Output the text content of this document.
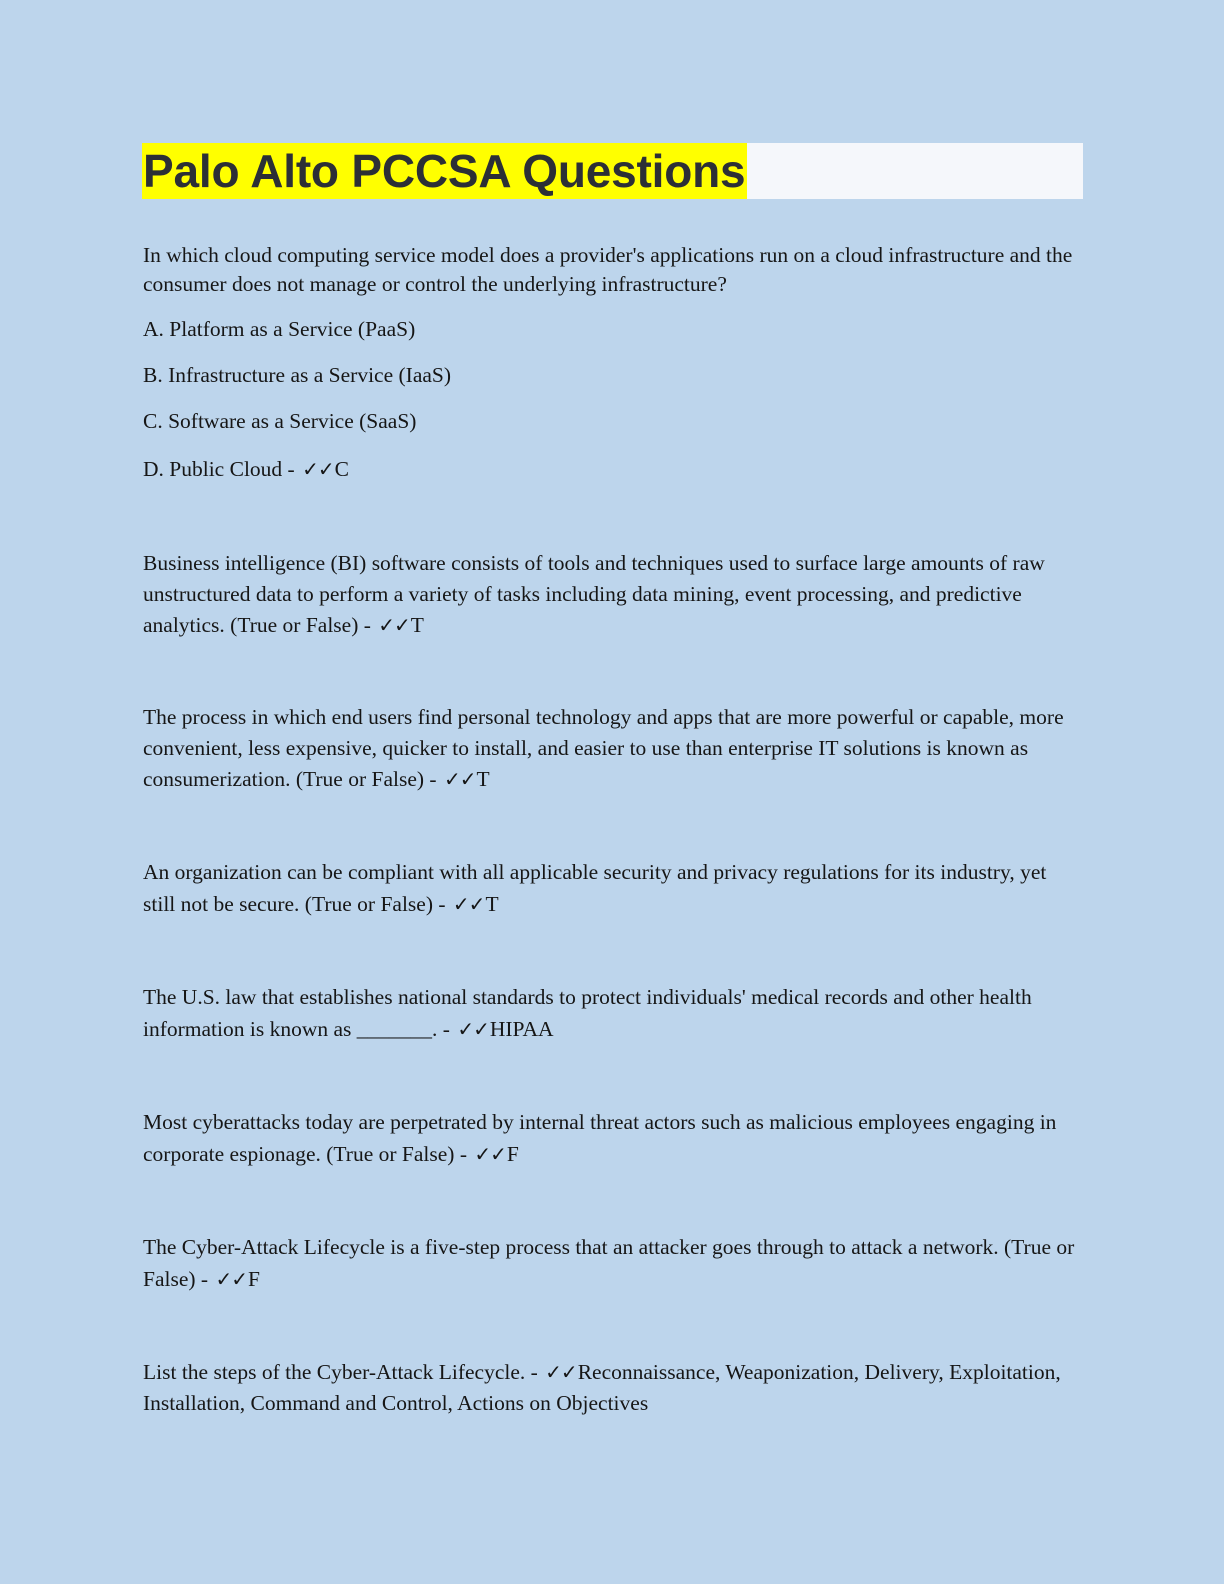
Palo Alto PCCSA Questions

In which cloud computing service model does a provider's applications run on a cloud infrastructure and the consumer does not manage or control the underlying infrastructure?

A. Platform as a Service (PaaS)

B. Infrastructure as a Service (IaaS)

C. Software as a Service (SaaS)

D. Public Cloud - ✓✓C

Business intelligence (BI) software consists of tools and techniques used to surface large amounts of raw unstructured data to perform a variety of tasks including data mining, event processing, and predictive analytics. (True or False) - ✓✓T

The process in which end users find personal technology and apps that are more powerful or capable, more convenient, less expensive, quicker to install, and easier to use than enterprise IT solutions is known as consumerization. (True or False) - ✓✓T

An organization can be compliant with all applicable security and privacy regulations for its industry, yet still not be secure. (True or False) - ✓✓T

The U.S. law that establishes national standards to protect individuals' medical records and other health information is known as _______. - ✓✓HIPAA

Most cyberattacks today are perpetrated by internal threat actors such as malicious employees engaging in corporate espionage. (True or False) - ✓✓F

The Cyber-Attack Lifecycle is a five-step process that an attacker goes through to attack a network. (True or False) - ✓✓F

List the steps of the Cyber-Attack Lifecycle. - ✓✓Reconnaissance, Weaponization, Delivery, Exploitation, Installation, Command and Control, Actions on Objectives
